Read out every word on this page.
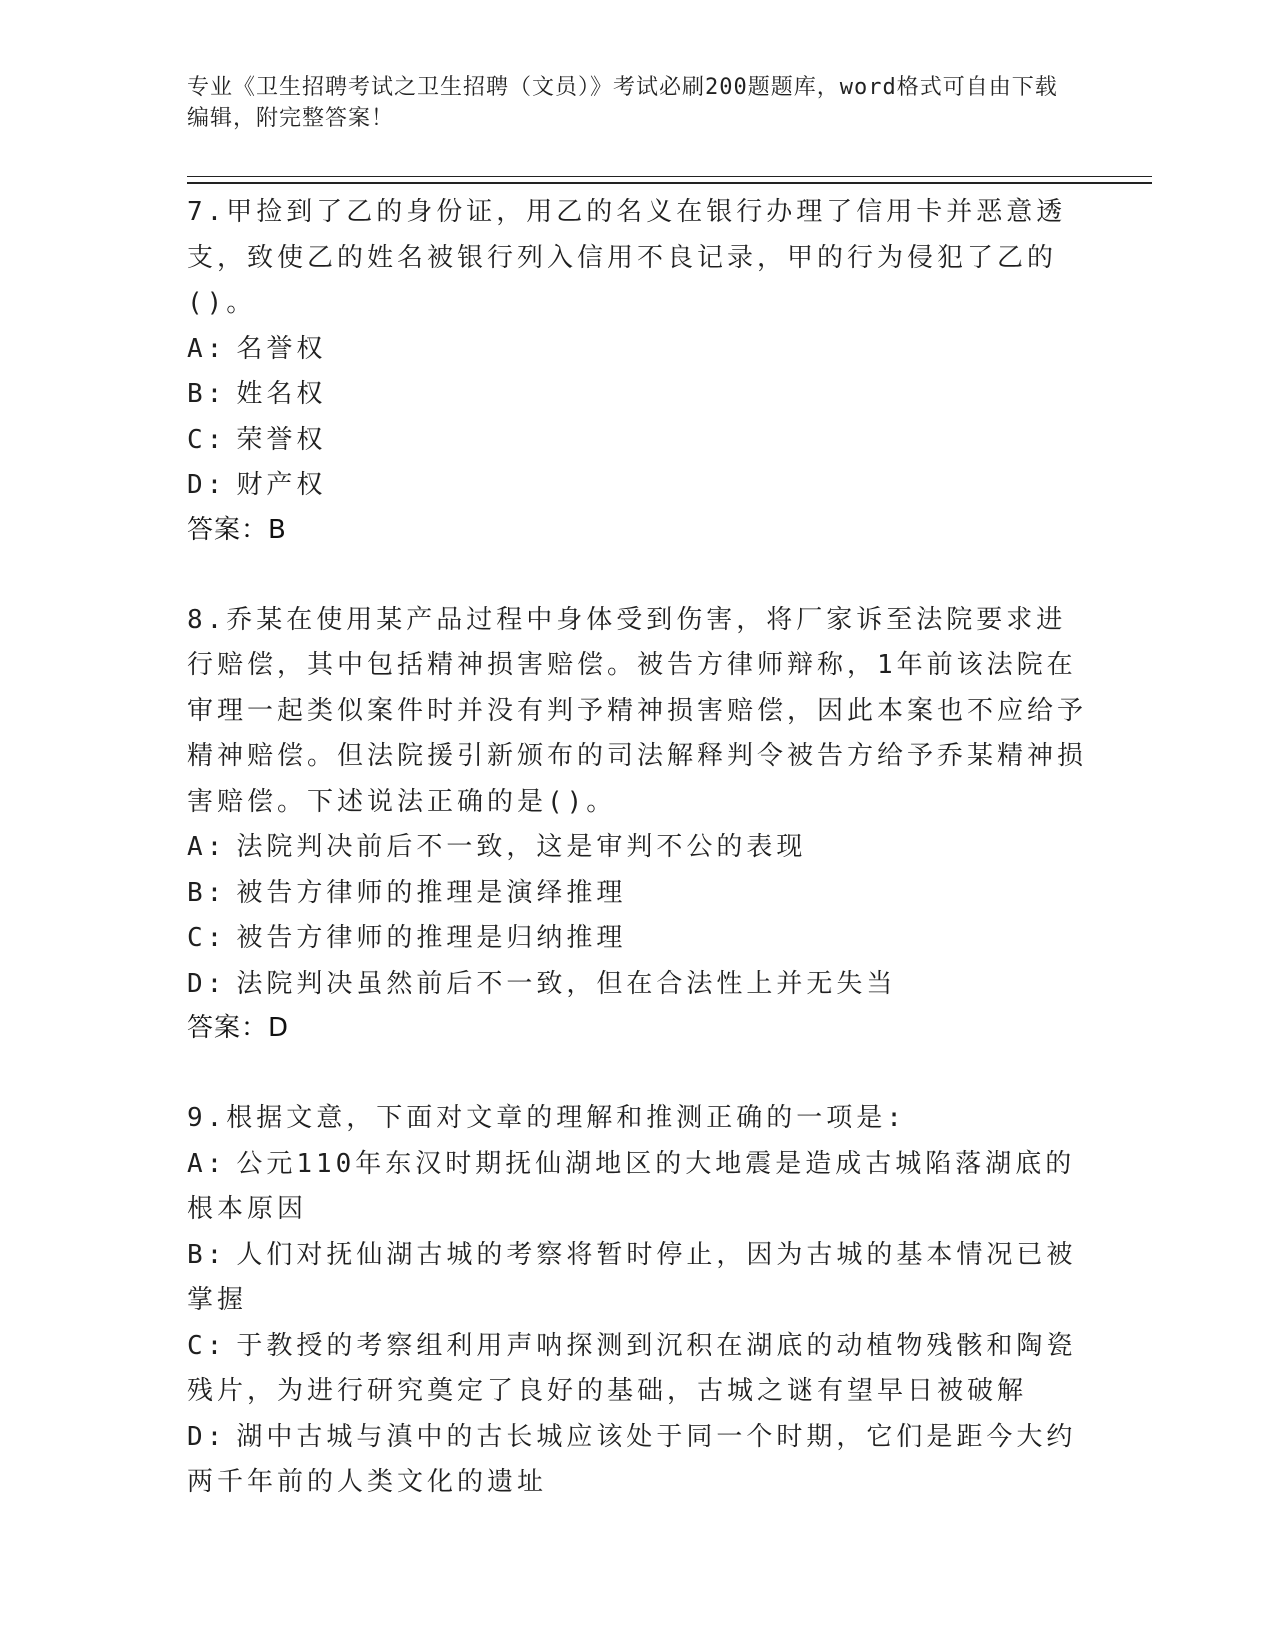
专业《卫生招聘考试之卫生招聘（文员）》考试必刷200题题库，word格式可自由下载编辑，附完整答案！

7.甲捡到了乙的身份证，用乙的名义在银行办理了信用卡并恶意透支，致使乙的姓名被银行列入信用不良记录，甲的行为侵犯了乙的()。

A: 名誉权

B: 姓名权

C: 荣誉权

D: 财产权

答案：B

8.乔某在使用某产品过程中身体受到伤害，将厂家诉至法院要求进行赔偿，其中包括精神损害赔偿。被告方律师辩称，1年前该法院在审理一起类似案件时并没有判予精神损害赔偿，因此本案也不应给予精神赔偿。但法院援引新颁布的司法解释判令被告方给予乔某精神损害赔偿。下述说法正确的是()。

A: 法院判决前后不一致，这是审判不公的表现

B: 被告方律师的推理是演绎推理

C: 被告方律师的推理是归纳推理

D: 法院判决虽然前后不一致，但在合法性上并无失当

答案：D

9.根据文意，下面对文章的理解和推测正确的一项是:

A: 公元110年东汉时期抚仙湖地区的大地震是造成古城陷落湖底的根本原因

B: 人们对抚仙湖古城的考察将暂时停止，因为古城的基本情况已被掌握

C: 于教授的考察组利用声呐探测到沉积在湖底的动植物残骸和陶瓷残片，为进行研究奠定了良好的基础，古城之谜有望早日被破解

D: 湖中古城与滇中的古长城应该处于同一个时期，它们是距今大约两千年前的人类文化的遗址
